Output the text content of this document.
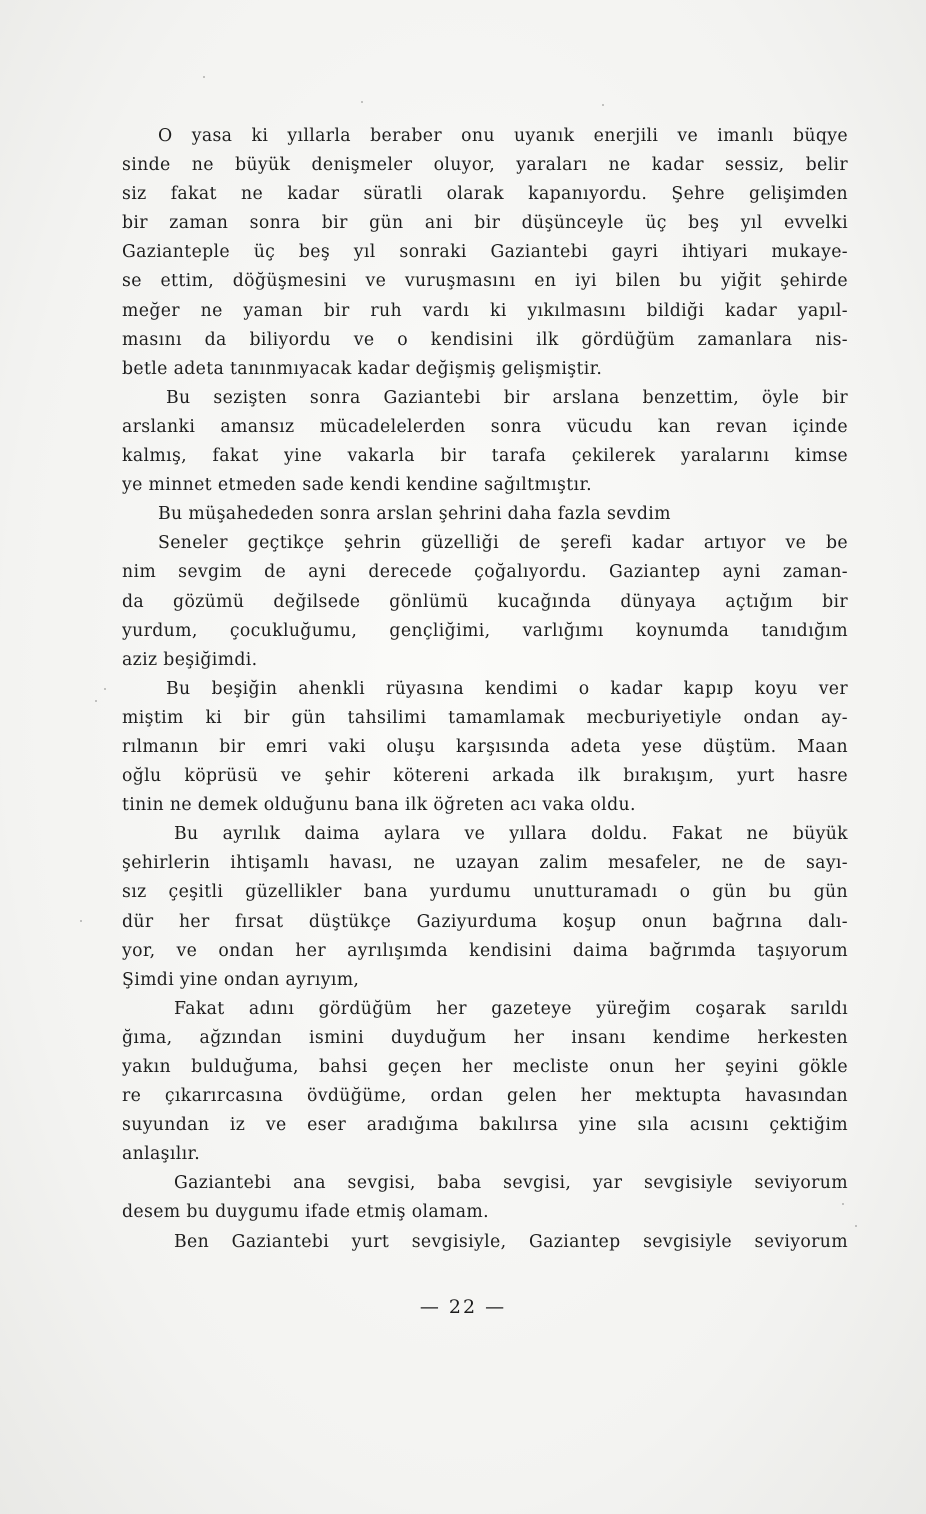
O yasa ki yıllarla beraber onu uyanık enerjili ve imanlı büqye
sinde ne büyük denişmeler oluyor, yaraları ne kadar sessiz, belir
siz fakat ne kadar süratli olarak kapanıyordu. Şehre gelişimden
bir zaman sonra bir gün ani bir düşünceyle üç beş yıl evvelki
Gazianteple üç beş yıl sonraki Gaziantebi gayri ihtiyari mukaye-
se ettim, döğüşmesini ve vuruşmasını en iyi bilen bu yiğit şehirde
meğer ne yaman bir ruh vardı ki yıkılmasını bildiği kadar yapıl-
masını da biliyordu ve o kendisini ilk gördüğüm zamanlara nis-
betle adeta tanınmıyacak kadar değişmiş gelişmiştir.
Bu sezişten sonra Gaziantebi bir arslana benzettim, öyle bir
arslanki amansız mücadelelerden sonra vücudu kan revan içinde
kalmış, fakat yine vakarla bir tarafa çekilerek yaralarını kimse
ye minnet etmeden sade kendi kendine sağıltmıştır.
Bu müşahededen sonra arslan şehrini daha fazla sevdim
Seneler geçtikçe şehrin güzelliği de şerefi kadar artıyor ve be
nim sevgim de ayni derecede çoğalıyordu. Gaziantep ayni zaman-
da gözümü değilsede gönlümü kucağında dünyaya açtığım bir
yurdum, çocukluğumu, gençliğimi, varlığımı koynumda tanıdığım
aziz beşiğimdi.
Bu beşiğin ahenkli rüyasına kendimi o kadar kapıp koyu ver
miştim ki bir gün tahsilimi tamamlamak mecburiyetiyle ondan ay-
rılmanın bir emri vaki oluşu karşısında adeta yese düştüm. Maan
oğlu köprüsü ve şehir kötereni arkada ilk bırakışım, yurt hasre
tinin ne demek olduğunu bana ilk öğreten acı vaka oldu.
Bu ayrılık daima aylara ve yıllara doldu. Fakat ne büyük
şehirlerin ihtişamlı havası, ne uzayan zalim mesafeler, ne de sayı-
sız çeşitli güzellikler bana yurdumu unutturamadı o gün bu gün
dür her fırsat düştükçe Gaziyurduma koşup onun bağrına dalı-
yor, ve ondan her ayrılışımda kendisini daima bağrımda taşıyorum
Şimdi yine ondan ayrıyım,
Fakat adını gördüğüm her gazeteye yüreğim coşarak sarıldı
ğıma, ağzından ismini duyduğum her insanı kendime herkesten
yakın bulduğuma, bahsi geçen her mecliste onun her şeyini gökle
re çıkarırcasına övdüğüme, ordan gelen her mektupta havasından
suyundan iz ve eser aradığıma bakılırsa yine sıla acısını çektiğim
anlaşılır.
Gaziantebi ana sevgisi, baba sevgisi, yar sevgisiyle seviyorum
desem bu duygumu ifade etmiş olamam.
Ben Gaziantebi yurt sevgisiyle, Gaziantep sevgisiyle seviyorum
— 22 —
